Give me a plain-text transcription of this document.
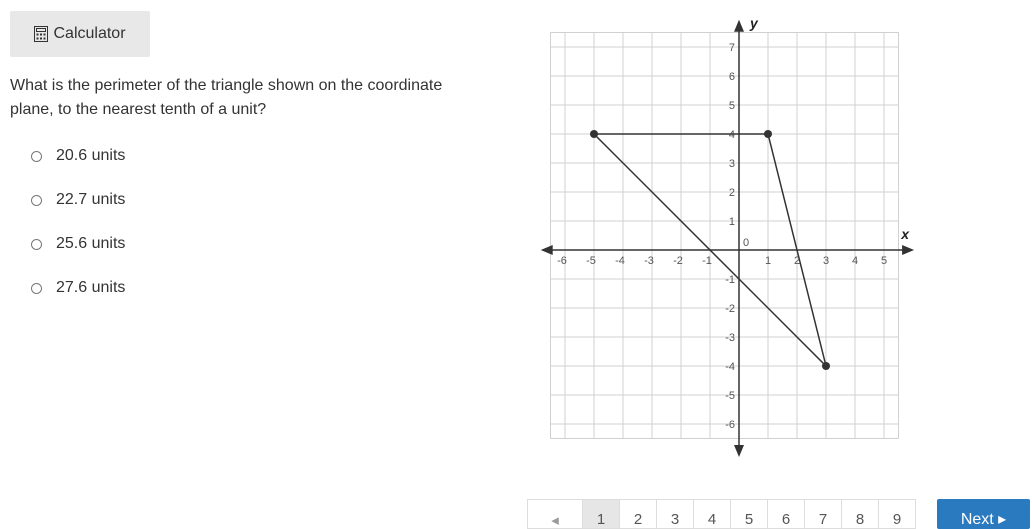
Calculator
What is the perimeter of the triangle shown on the coordinate plane, to the nearest tenth of a unit?
20.6 units
22.7 units
25.6 units
27.6 units
x
y
-6 -5 -4 -3 -2 -1	1 2 3 4 5
7
6
5
4
3
2
1
-1
-2
-3
-4
-5
-6
0
◂	1	2	3	4	5	6	7	8	9	Next ▸
